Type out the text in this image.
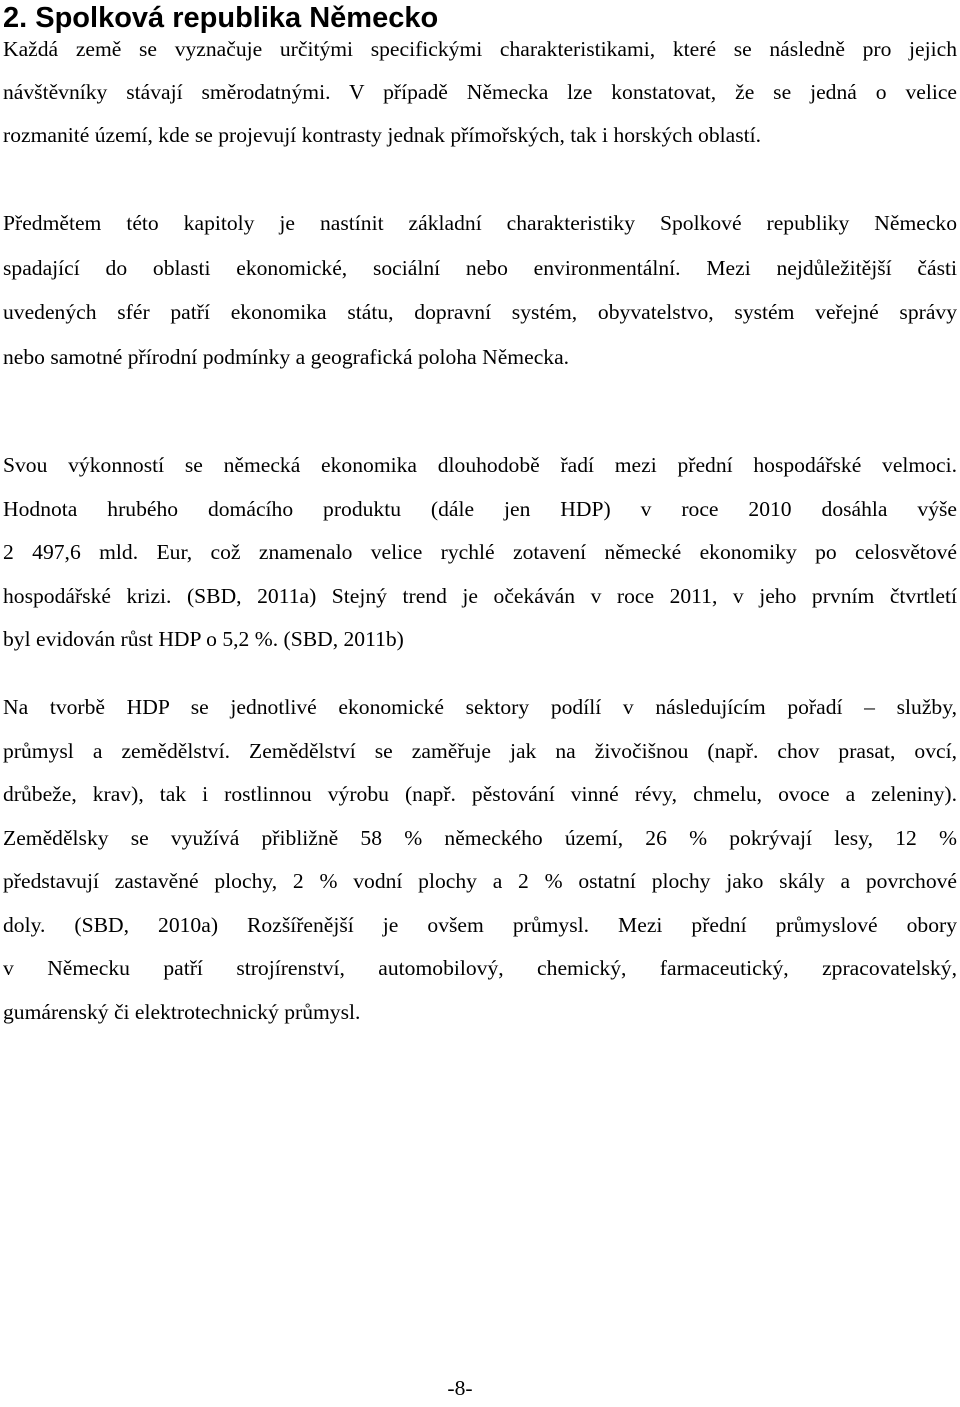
2. Spolková republika Německo

Každá země se vyznačuje určitými specifickými charakteristikami, které se následně pro jejich
návštěvníky stávají směrodatnými. V případě Německa lze konstatovat, že se jedná o velice
rozmanité území, kde se projevují kontrasty jednak přímořských, tak i horských oblastí.

Předmětem této kapitoly je nastínit základní charakteristiky Spolkové republiky Německo
spadající do oblasti ekonomické, sociální nebo environmentální. Mezi nejdůležitější části
uvedených sfér patří ekonomika státu, dopravní systém, obyvatelstvo, systém veřejné správy
nebo samotné přírodní podmínky a geografická poloha Německa.

Svou výkonností se německá ekonomika dlouhodobě řadí mezi přední hospodářské velmoci.
Hodnota hrubého domácího produktu (dále jen HDP) v roce 2010 dosáhla výše
2 497,6 mld. Eur, což znamenalo velice rychlé zotavení německé ekonomiky po celosvětové
hospodářské krizi. (SBD, 2011a) Stejný trend je očekáván v roce 2011, v jeho prvním čtvrtletí
byl evidován růst HDP o 5,2 %. (SBD, 2011b)

Na tvorbě HDP se jednotlivé ekonomické sektory podílí v následujícím pořadí – služby,
průmysl a zemědělství. Zemědělství se zaměřuje jak na živočišnou (např. chov prasat, ovcí,
drůbeže, krav), tak i rostlinnou výrobu (např. pěstování vinné révy, chmelu, ovoce a zeleniny).
Zemědělsky se využívá přibližně 58 % německého území, 26 % pokrývají lesy, 12 %
představují zastavěné plochy, 2 % vodní plochy a 2 % ostatní plochy jako skály a povrchové
doly. (SBD, 2010a) Rozšířenější je ovšem průmysl. Mezi přední průmyslové obory
v Německu patří strojírenství, automobilový, chemický, farmaceutický, zpracovatelský,
gumárenský či elektrotechnický průmysl.

-8-
